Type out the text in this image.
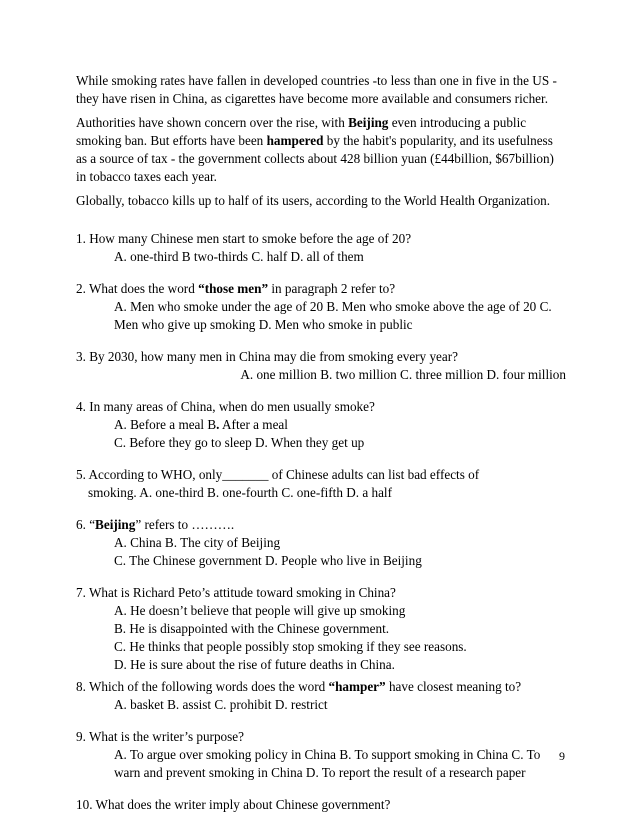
While smoking rates have fallen in developed countries -to less than one in five in the US - they have risen in China, as cigarettes have become more available and consumers richer.

Authorities have shown concern over the rise, with Beijing even introducing a public smoking ban. But efforts have been hampered by the habit's popularity, and its usefulness as a source of tax - the government collects about 428 billion yuan (£44billion, $67billion) in tobacco taxes each year.

Globally, tobacco kills up to half of its users, according to the World Health Organization.

1. How many Chinese men start to smoke before the age of 20?

A. one-third B two-thirds C. half D. all of them

2. What does the word “those men” in paragraph 2 refer to?

A. Men who smoke under the age of 20 B. Men who smoke above the age of 20 C. Men who give up smoking D. Men who smoke in public

3. By 2030, how many men in China may die from smoking every year?

A. one million B. two million C. three million D. four million

4. In many areas of China, when do men usually smoke?

A. Before a meal B. After a meal

C. Before they go to sleep D. When they get up

5. According to WHO, only_______ of Chinese adults can list bad effects of

smoking. A. one-third B. one-fourth C. one-fifth D. a half

6. “Beijing” refers to ……….

A. China B. The city of Beijing

C. The Chinese government D. People who live in Beijing

7. What is Richard Peto’s attitude toward smoking in China?

A. He doesn’t believe that people will give up smoking

B. He is disappointed with the Chinese government.

C. He thinks that people possibly stop smoking if they see reasons.

D. He is sure about the rise of future deaths in China.

8. Which of the following words does the word “hamper” have closest meaning to?

A. basket B. assist C. prohibit D. restrict

9. What is the writer’s purpose?

A. To argue over smoking policy in China B. To support smoking in China C. To warn and prevent smoking in China D. To report the result of a research paper

10. What does the writer imply about Chinese government?

9
